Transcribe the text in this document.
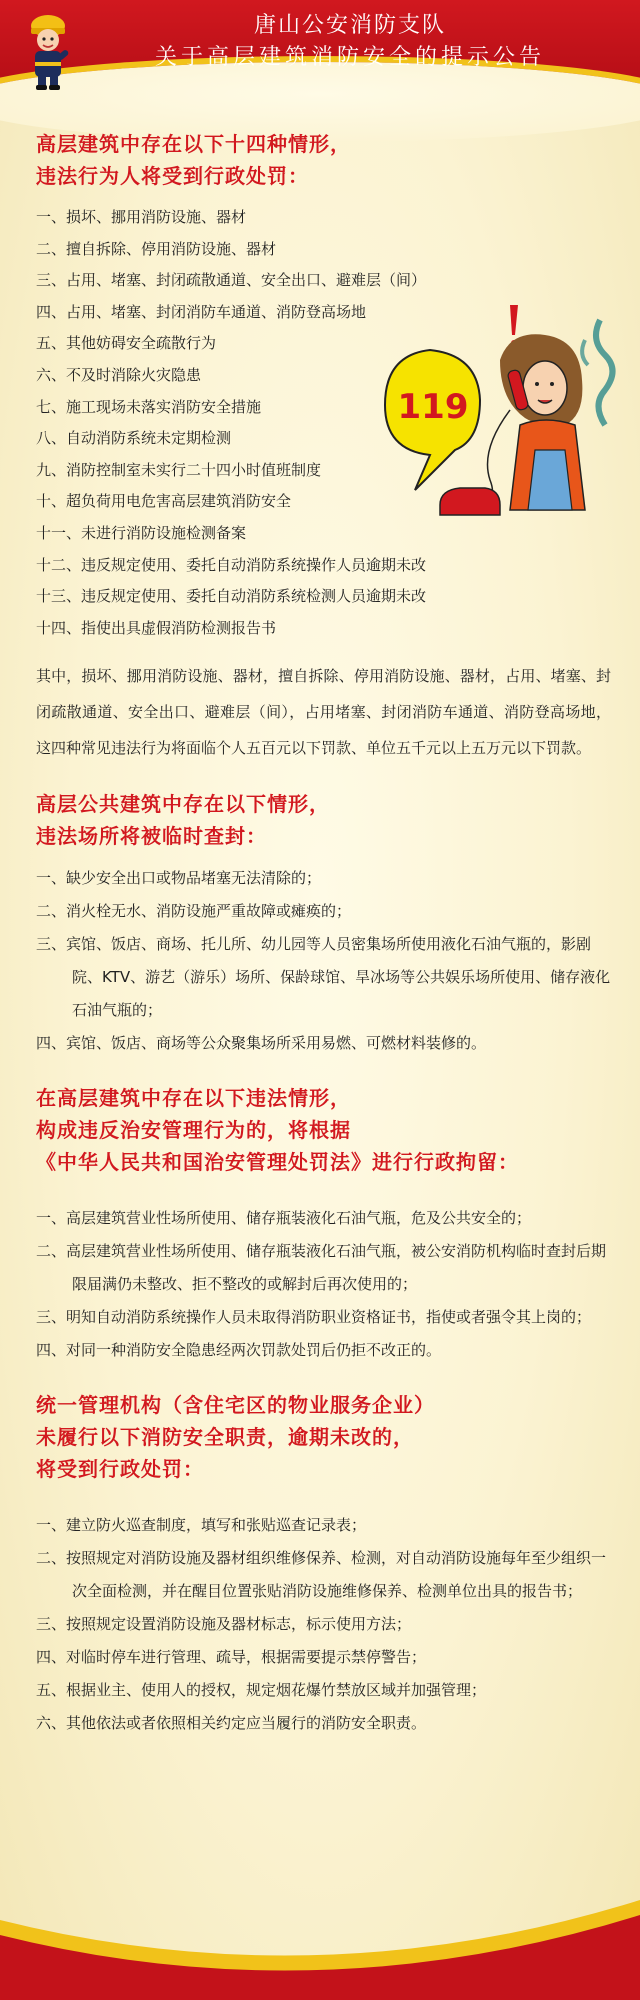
唐山公安消防支队
关于高层建筑消防安全的提示公告
119
高层建筑中存在以下十四种情形，
违法行为人将受到行政处罚：
一、损坏、挪用消防设施、器材
二、擅自拆除、停用消防设施、器材
三、占用、堵塞、封闭疏散通道、安全出口、避难层（间）
四、占用、堵塞、封闭消防车通道、消防登高场地
五、其他妨碍安全疏散行为
六、不及时消除火灾隐患
七、施工现场未落实消防安全措施
八、自动消防系统未定期检测
九、消防控制室未实行二十四小时值班制度
十、超负荷用电危害高层建筑消防安全
十一、未进行消防设施检测备案
十二、违反规定使用、委托自动消防系统操作人员逾期未改
十三、违反规定使用、委托自动消防系统检测人员逾期未改
十四、指使出具虚假消防检测报告书

其中，损坏、挪用消防设施、器材，擅自拆除、停用消防设施、器材，占用、堵塞、封闭疏散通道、安全出口、避难层（间），占用堵塞、封闭消防车通道、消防登高场地，这四种常见违法行为将面临个人五百元以下罚款、单位五千元以上五万元以下罚款。

高层公共建筑中存在以下情形，
违法场所将被临时查封：
一、缺少安全出口或物品堵塞无法清除的；
二、消火栓无水、消防设施严重故障或瘫痪的；
三、宾馆、饭店、商场、托儿所、幼儿园等人员密集场所使用液化石油气瓶的，影剧院、KTV、游艺（游乐）场所、保龄球馆、旱冰场等公共娱乐场所使用、储存液化石油气瓶的；
四、宾馆、饭店、商场等公众聚集场所采用易燃、可燃材料装修的。
在高层建筑中存在以下违法情形，
构成违反治安管理行为的，将根据
《中华人民共和国治安管理处罚法》进行行政拘留：
一、高层建筑营业性场所使用、储存瓶装液化石油气瓶，危及公共安全的；
二、高层建筑营业性场所使用、储存瓶装液化石油气瓶，被公安消防机构临时查封后期限届满仍未整改、拒不整改的或解封后再次使用的；
三、明知自动消防系统操作人员未取得消防职业资格证书，指使或者强令其上岗的；
四、对同一种消防安全隐患经两次罚款处罚后仍拒不改正的。
统一管理机构（含住宅区的物业服务企业）
未履行以下消防安全职责，逾期未改的，
将受到行政处罚：
一、建立防火巡查制度，填写和张贴巡查记录表；
二、按照规定对消防设施及器材组织维修保养、检测，对自动消防设施每年至少组织一次全面检测，并在醒目位置张贴消防设施维修保养、检测单位出具的报告书；
三、按照规定设置消防设施及器材标志，标示使用方法；
四、对临时停车进行管理、疏导，根据需要提示禁停警告；
五、根据业主、使用人的授权，规定烟花爆竹禁放区域并加强管理；
六、其他依法或者依照相关约定应当履行的消防安全职责。
